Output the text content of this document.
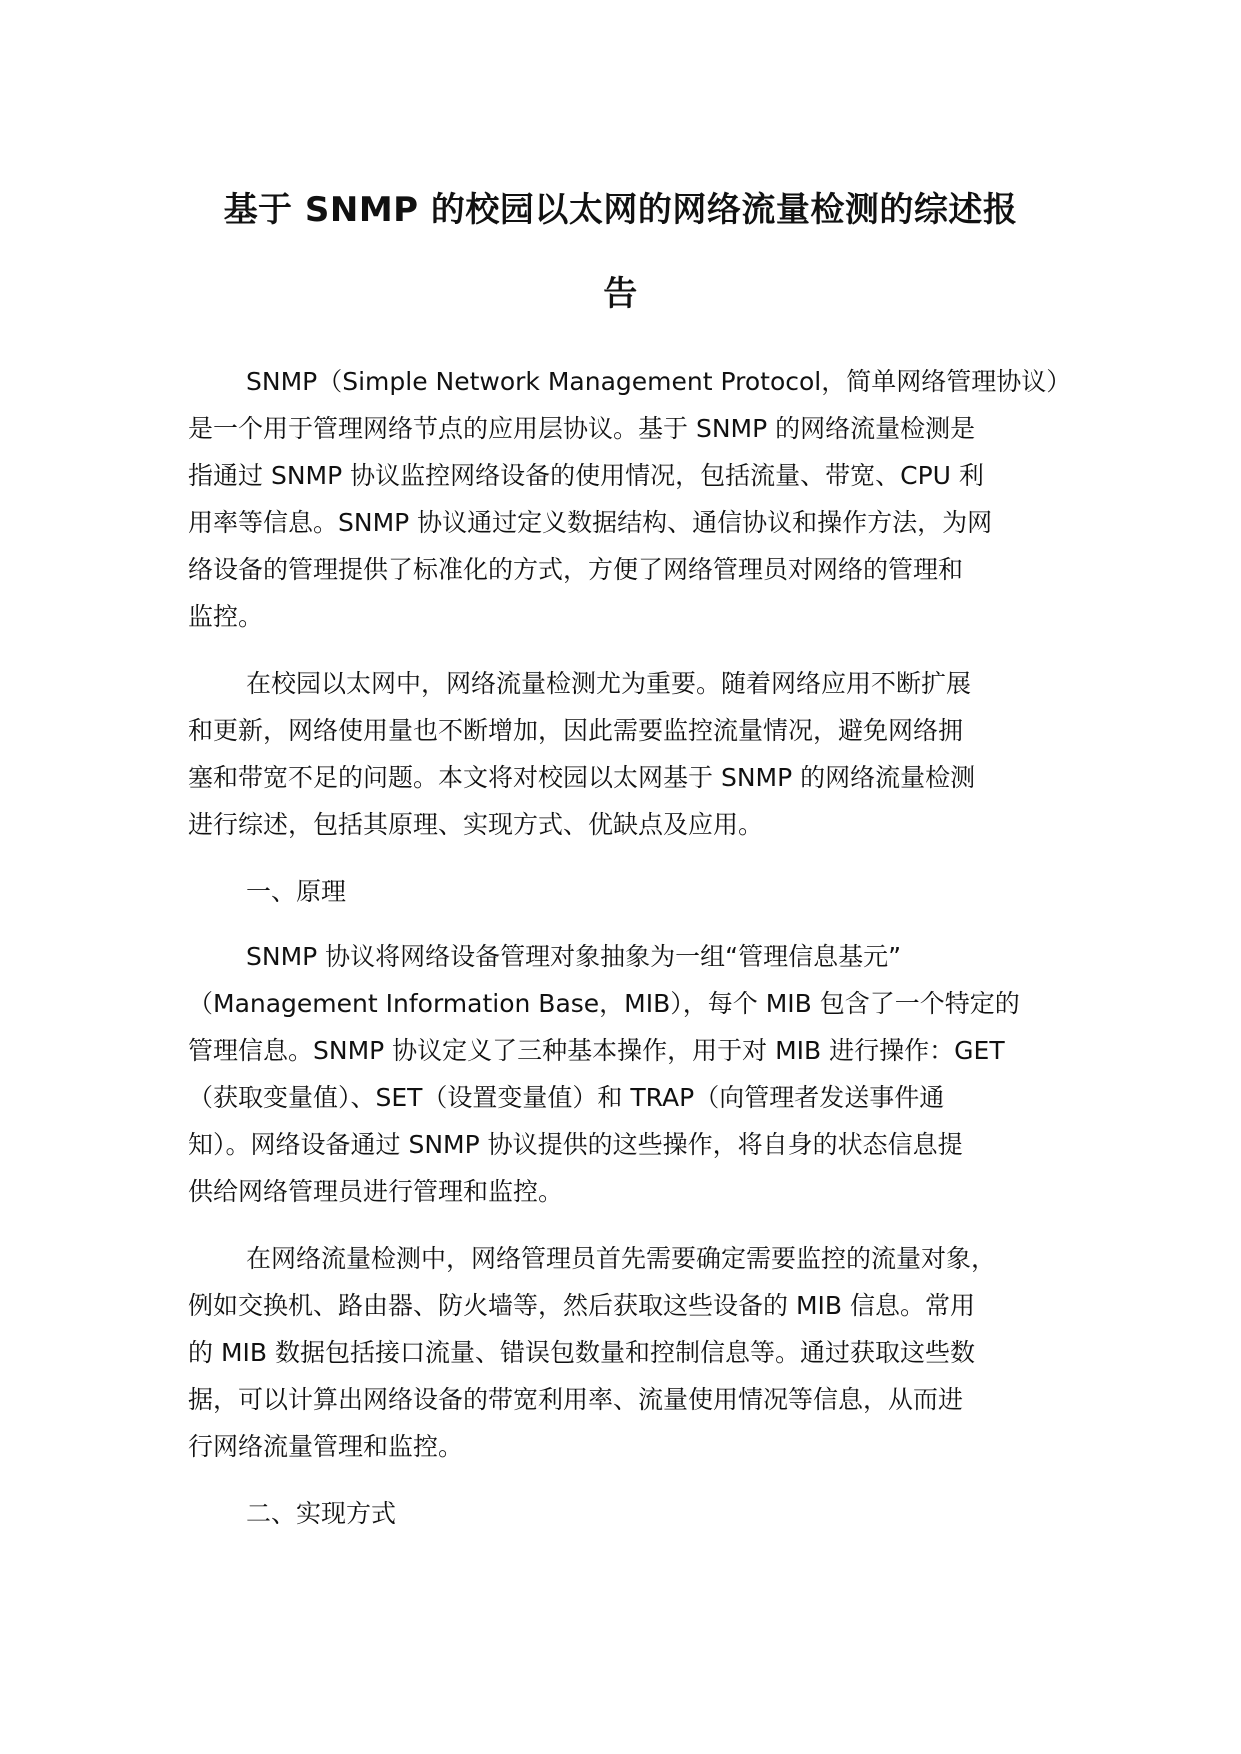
基于 SNMP 的校园以太网的网络流量检测的综述报
告

SNMP（Simple Network Management Protocol，简单网络管理协议）
是一个用于管理网络节点的应用层协议。基于 SNMP 的网络流量检测是
指通过 SNMP 协议监控网络设备的使用情况，包括流量、带宽、CPU 利
用率等信息。SNMP 协议通过定义数据结构、通信协议和操作方法，为网
络设备的管理提供了标准化的方式，方便了网络管理员对网络的管理和
监控。

在校园以太网中，网络流量检测尤为重要。随着网络应用不断扩展
和更新，网络使用量也不断增加，因此需要监控流量情况，避免网络拥
塞和带宽不足的问题。本文将对校园以太网基于 SNMP 的网络流量检测
进行综述，包括其原理、实现方式、优缺点及应用。

一、原理

SNMP 协议将网络设备管理对象抽象为一组“管理信息基元”
（Management Information Base，MIB），每个 MIB 包含了一个特定的
管理信息。SNMP 协议定义了三种基本操作，用于对 MIB 进行操作：GET
（获取变量值）、SET（设置变量值）和 TRAP（向管理者发送事件通
知）。网络设备通过 SNMP 协议提供的这些操作，将自身的状态信息提
供给网络管理员进行管理和监控。

在网络流量检测中，网络管理员首先需要确定需要监控的流量对象，
例如交换机、路由器、防火墙等，然后获取这些设备的 MIB 信息。常用
的 MIB 数据包括接口流量、错误包数量和控制信息等。通过获取这些数
据，可以计算出网络设备的带宽利用率、流量使用情况等信息，从而进
行网络流量管理和监控。

二、实现方式
